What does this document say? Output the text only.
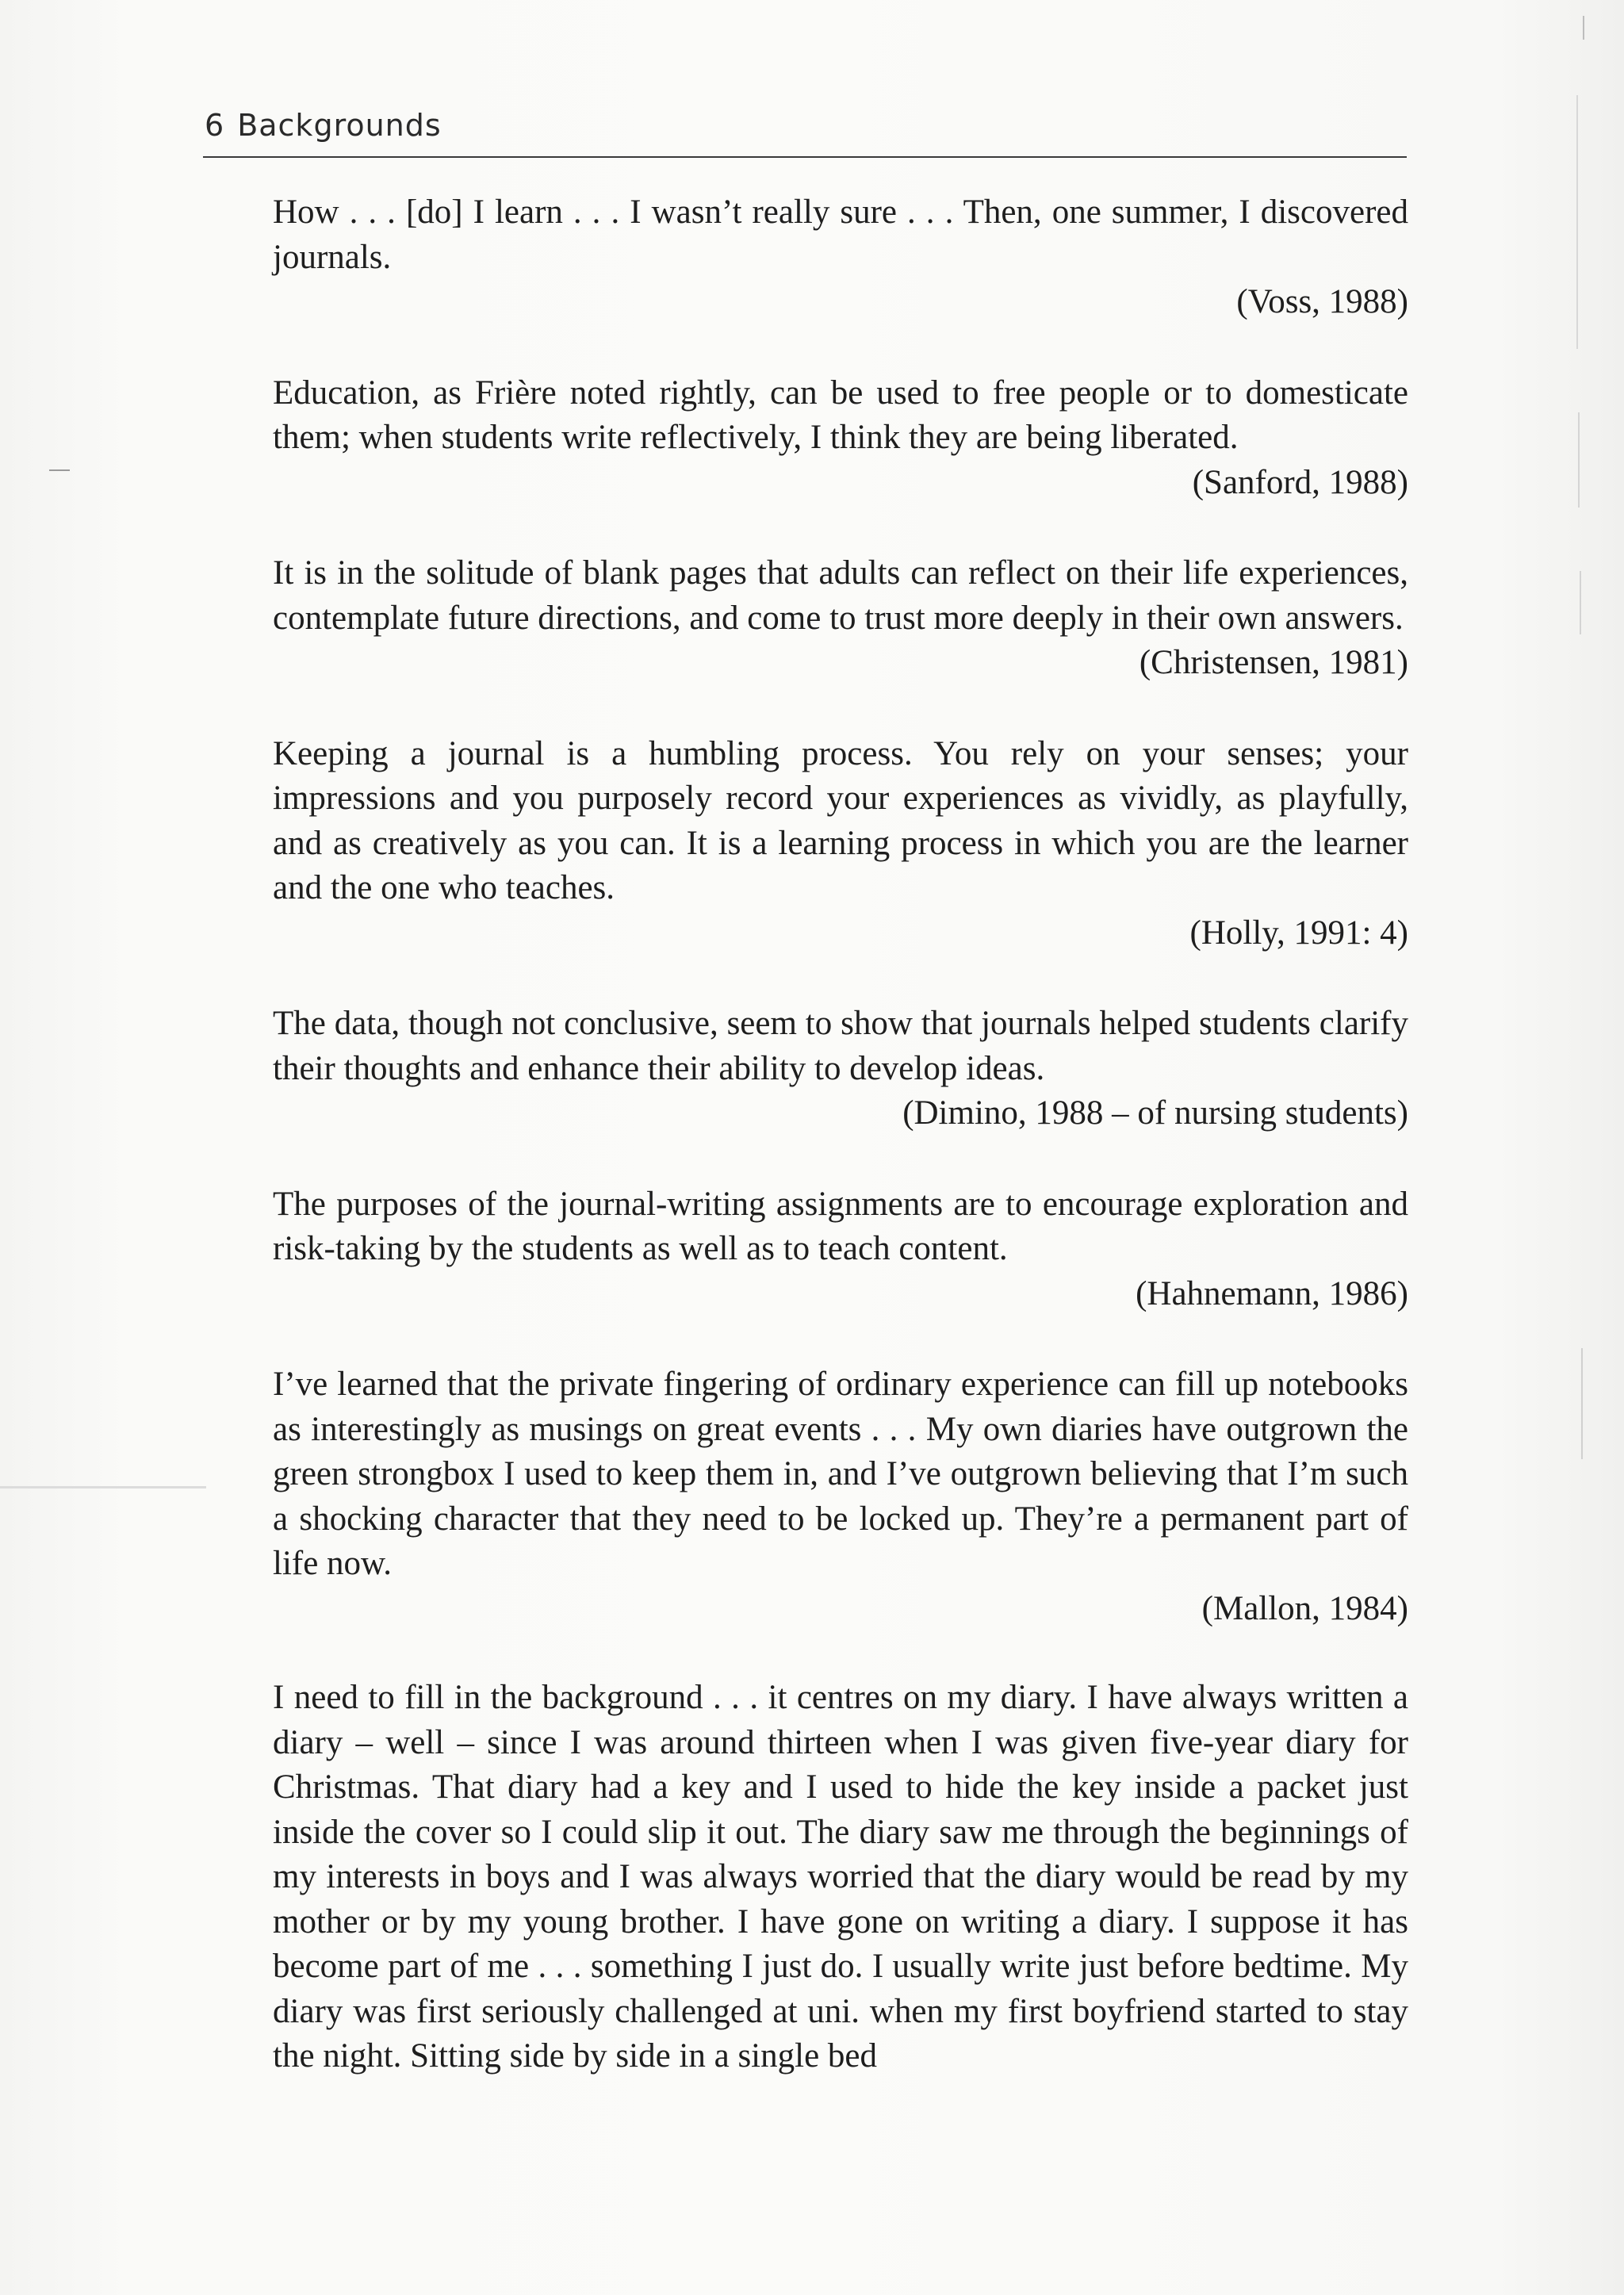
6 Backgrounds

How . . . [do] I learn . . . I wasn’t really sure . . . Then, one summer, I discovered journals.

(Voss, 1988)

Education, as Frière noted rightly, can be used to free people or to domesticate them; when students write reflectively, I think they are being liberated.

(Sanford, 1988)

It is in the solitude of blank pages that adults can reflect on their life experiences, contemplate future directions, and come to trust more deeply in their own answers.

(Christensen, 1981)

Keeping a journal is a humbling process. You rely on your senses; your impressions and you purposely record your experiences as vividly, as playfully, and as creatively as you can. It is a learning process in which you are the learner and the one who teaches.

(Holly, 1991: 4)

The data, though not conclusive, seem to show that journals helped students clarify their thoughts and enhance their ability to develop ideas.

(Dimino, 1988 – of nursing students)

The purposes of the journal-writing assignments are to encourage exploration and risk-taking by the students as well as to teach content.

(Hahnemann, 1986)

I’ve learned that the private fingering of ordinary experience can fill up notebooks as interestingly as musings on great events . . . My own diaries have outgrown the green strongbox I used to keep them in, and I’ve outgrown believing that I’m such a shocking character that they need to be locked up. They’re a permanent part of life now.

(Mallon, 1984)

I need to fill in the background . . . it centres on my diary. I have always written a diary – well – since I was around thirteen when I was given five-year diary for Christmas. That diary had a key and I used to hide the key inside a packet just inside the cover so I could slip it out. The diary saw me through the beginnings of my interests in boys and I was always worried that the diary would be read by my mother or by my young brother. I have gone on writing a diary. I suppose it has become part of me . . . something I just do. I usually write just before bedtime. My diary was first seriously challenged at uni. when my first boyfriend started to stay the night. Sitting side by side in a single bed
